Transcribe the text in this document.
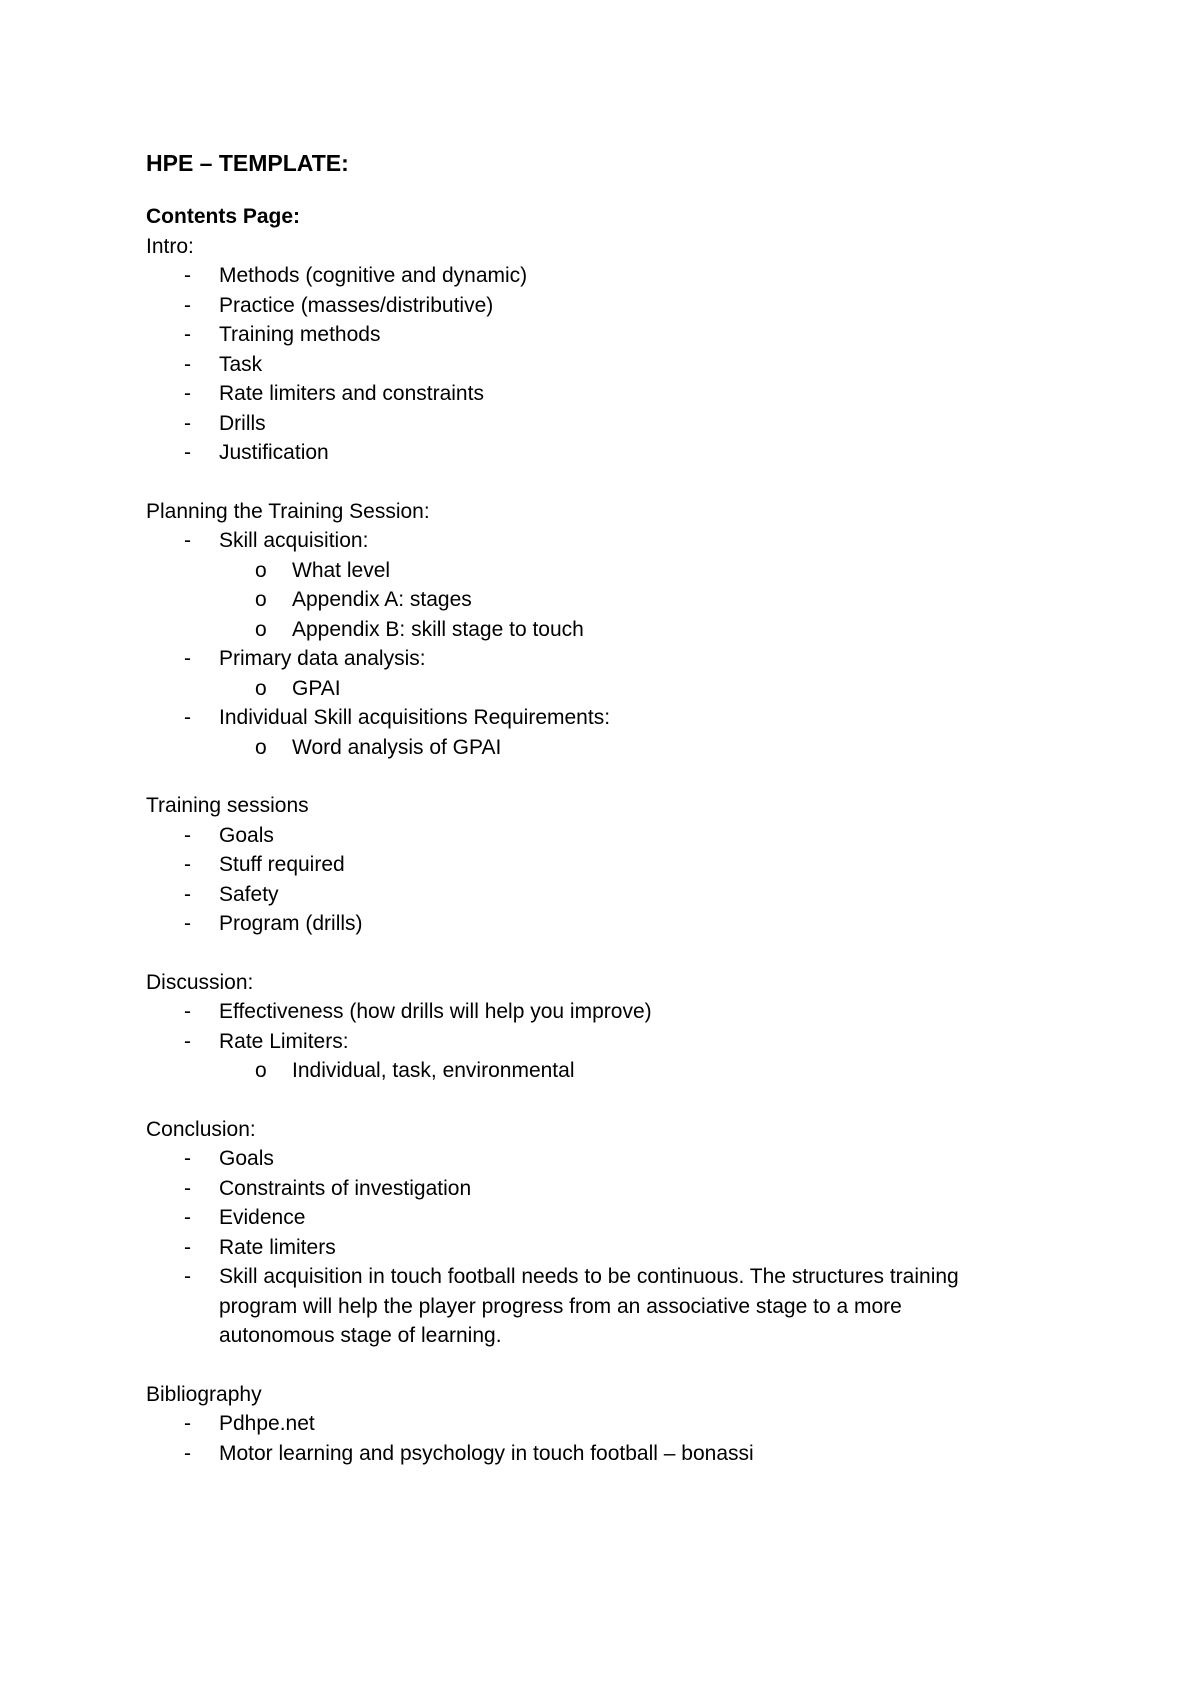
HPE – TEMPLATE:
Contents Page:
Intro:
- Methods (cognitive and dynamic)
- Practice (masses/distributive)
- Training methods
- Task
- Rate limiters and constraints
- Drills
- Justification
Planning the Training Session:
- Skill acquisition:
o What level
o Appendix A: stages
o Appendix B: skill stage to touch
- Primary data analysis:
o GPAI
- Individual Skill acquisitions Requirements:
o Word analysis of GPAI
Training sessions
- Goals
- Stuff required
- Safety
- Program (drills)
Discussion:
- Effectiveness (how drills will help you improve)
- Rate Limiters:
o Individual, task, environmental
Conclusion:
- Goals
- Constraints of investigation
- Evidence
- Rate limiters
- Skill acquisition in touch football needs to be continuous. The structures training program will help the player progress from an associative stage to a more autonomous stage of learning.
Bibliography
- Pdhpe.net
- Motor learning and psychology in touch football – bonassi
